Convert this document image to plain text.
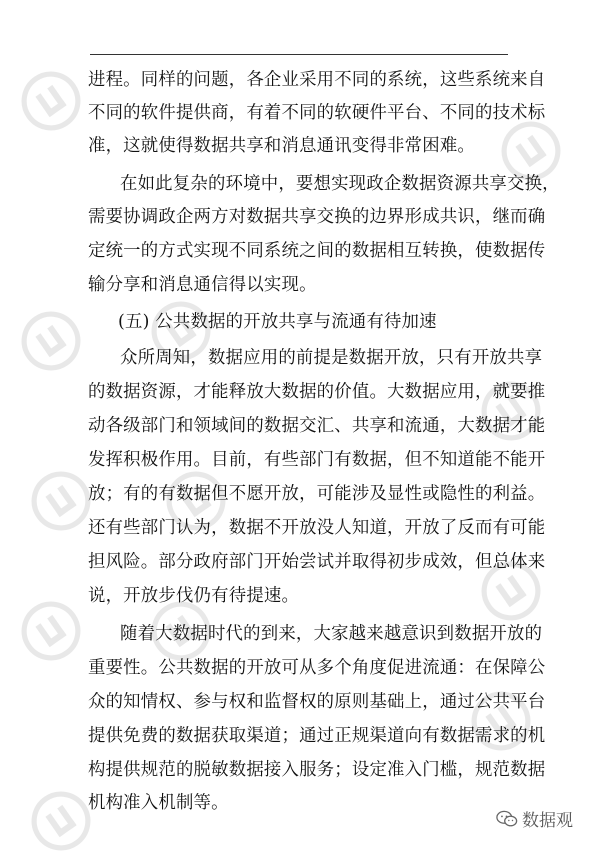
进程。同样的问题，各企业采用不同的系统，这些系统来自
不同的软件提供商，有着不同的软硬件平台、不同的技术标
准，这就使得数据共享和消息通讯变得非常困难。
在如此复杂的环境中，要想实现政企数据资源共享交换，
需要协调政企两方对数据共享交换的边界形成共识，继而确
定统一的方式实现不同系统之间的数据相互转换，使数据传
输分享和消息通信得以实现。
(五) 公共数据的开放共享与流通有待加速
众所周知，数据应用的前提是数据开放，只有开放共享
的数据资源，才能释放大数据的价值。大数据应用，就要推
动各级部门和领域间的数据交汇、共享和流通，大数据才能
发挥积极作用。目前，有些部门有数据，但不知道能不能开
放；有的有数据但不愿开放，可能涉及显性或隐性的利益。
还有些部门认为，数据不开放没人知道，开放了反而有可能
担风险。部分政府部门开始尝试并取得初步成效，但总体来
说，开放步伐仍有待提速。
随着大数据时代的到来，大家越来越意识到数据开放的
重要性。公共数据的开放可从多个角度促进流通：在保障公
众的知情权、参与权和监督权的原则基础上，通过公共平台
提供免费的数据获取渠道；通过正规渠道向有数据需求的机
构提供规范的脱敏数据接入服务；设定准入门槛，规范数据
机构准入机制等。
数据观
